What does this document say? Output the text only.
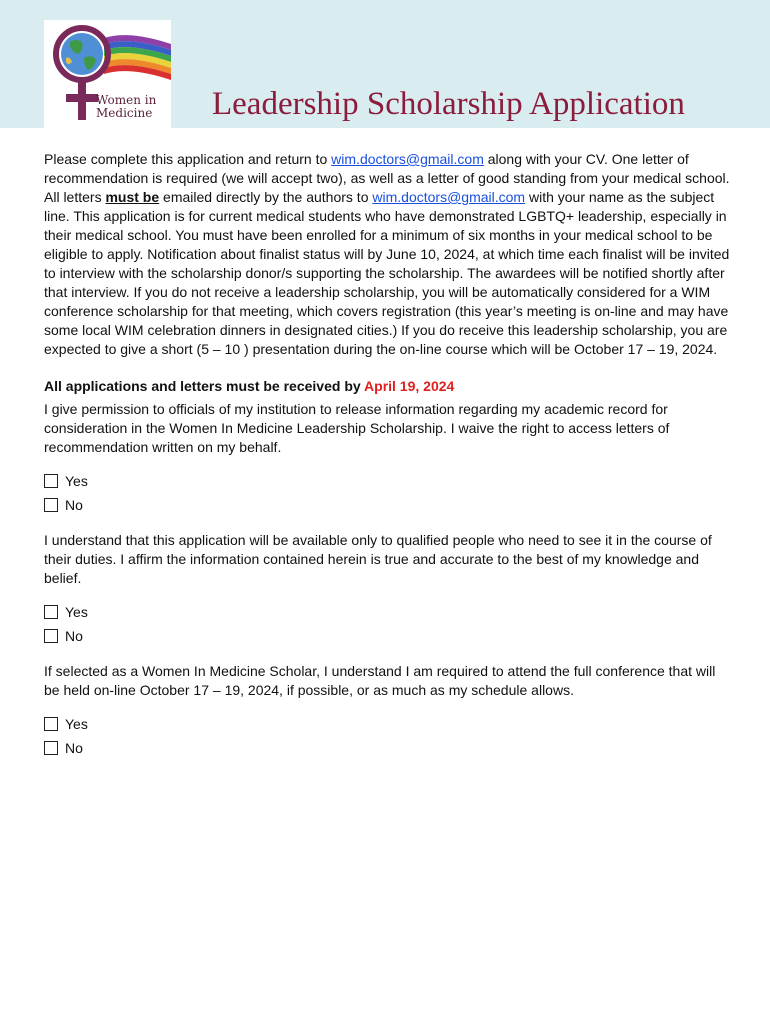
Women in
Medicine	Leadership Scholarship Application

Please complete this application and return to wim.doctors@gmail.com along with your CV. One letter of recommendation is required (we will accept two), as well as a letter of good standing from your medical school. All letters must be emailed directly by the authors to wim.doctors@gmail.com with your name as the subject line. This application is for current medical students who have demonstrated LGBTQ+ leadership, especially in their medical school. You must have been enrolled for a minimum of six months in your medical school to be eligible to apply. Notification about finalist status will by June 10, 2024, at which time each finalist will be invited to interview with the scholarship donor/s supporting the scholarship. The awardees will be notified shortly after that interview. If you do not receive a leadership scholarship, you will be automatically considered for a WIM conference scholarship for that meeting, which covers registration (this year’s meeting is on-line and may have some local WIM celebration dinners in designated cities.) If you do receive this leadership scholarship, you are expected to give a short (5 – 10 ) presentation during the on-line course which will be October 17 – 19, 2024.

All applications and letters must be received by April 19, 2024

I give permission to officials of my institution to release information regarding my academic record for consideration in the Women In Medicine Leadership Scholarship. I waive the right to access letters of recommendation written on my behalf.

Yes
No

I understand that this application will be available only to qualified people who need to see it in the course of their duties. I affirm the information contained herein is true and accurate to the best of my knowledge and belief.

Yes
No

If selected as a Women In Medicine Scholar, I understand I am required to attend the full conference that will be held on-line October 17 – 19, 2024, if possible, or as much as my schedule allows.

Yes
No
